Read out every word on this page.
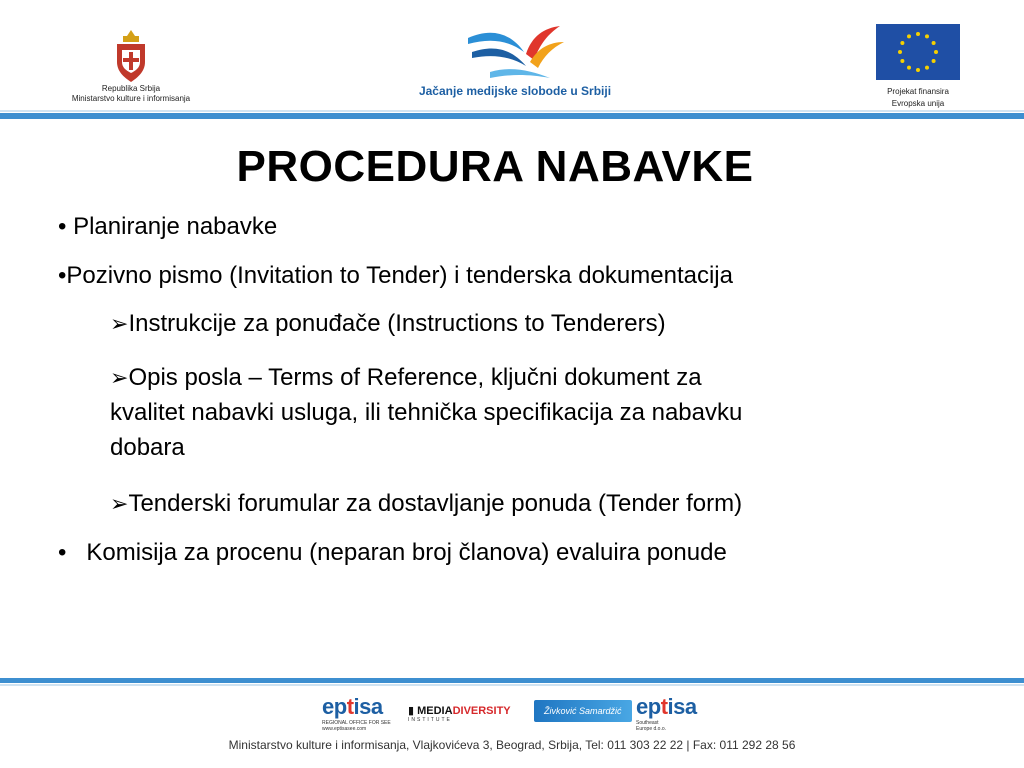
Republika Srbija
Ministarstvo kulture i informisanja
Jačanje medijske slobode u Srbiji	Projekat finansira
Evropska unija
PROCEDURA NABAVKE
• Planiranje nabavke
•Pozivno pismo (Invitation to Tender) i tenderska dokumentacija
➢Instrukcije za ponuđače (Instructions to Tenderers)
➢Opis posla – Terms of Reference, ključni dokument za
kvalitet nabavki usluga, ili tehnička specifikacija za nabavku
dobara
➢Tenderski forumular za dostavljanje ponuda (Tender form)
• Komisija za procenu (neparan broj članova) evaluira ponude
eptisa
REGIONAL OFFICE FOR SEE
www.eptisasee.com
▮ MEDIADIVERSITY
INSTITUTE
Živković Samardžić eptisa
Southeast
Europe d.o.o.
Ministarstvo kulture i informisanja, Vlajkovićeva 3, Beograd, Srbija, Tel: 011 303 22 22 | Fax: 011 292 28 56
